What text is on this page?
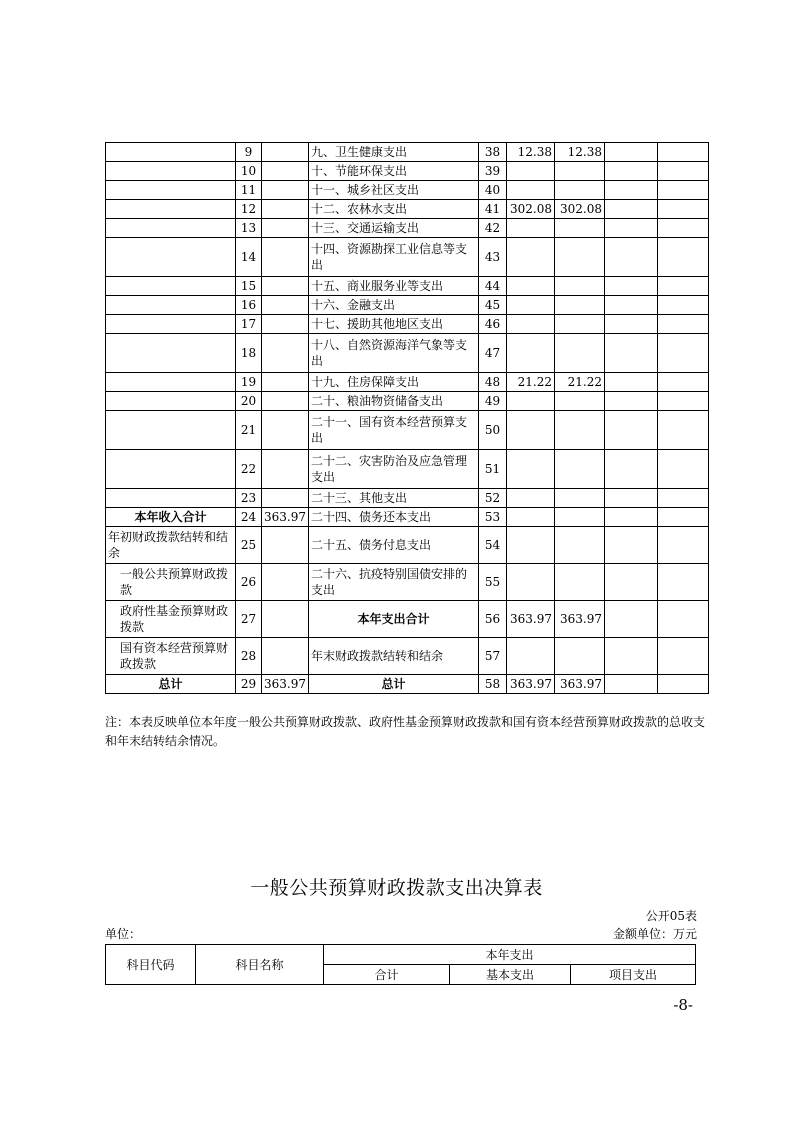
	9		九、卫生健康支出	38	12.38	12.38		
	10		十、节能环保支出	39				
	11		十一、城乡社区支出	40				
	12		十二、农林水支出	41	302.08	302.08		
	13		十三、交通运输支出	42				
	14		十四、资源勘探工业信息等支出	43				
	15		十五、商业服务业等支出	44				
	16		十六、金融支出	45				
	17		十七、援助其他地区支出	46				
	18		十八、自然资源海洋气象等支出	47				
	19		十九、住房保障支出	48	21.22	21.22		
	20		二十、粮油物资储备支出	49				
	21		二十一、国有资本经营预算支出	50				
	22		二十二、灾害防治及应急管理支出	51				
	23		二十三、其他支出	52				
本年收入合计	24	363.97	二十四、债务还本支出	53				
年初财政拨款结转和结余	25		二十五、债务付息支出	54				
一般公共预算财政拨款	26		二十六、抗疫特别国债安排的支出	55				
政府性基金预算财政拨款	27		本年支出合计	56	363.97	363.97		
国有资本经营预算财政拨款	28		年末财政拨款结转和结余	57				
总计	29	363.97	总计	58	363.97	363.97		

注：本表反映单位本年度一般公共预算财政拨款、政府性基金预算财政拨款和国有资本经营预算财政拨款的总收支和年末结转结余情况。

一般公共预算财政拨款支出决算表
公开05表
单位：	金额单位：万元
科目代码	科目名称	本年支出		
		合计	基本支出	项目支出
-8-
